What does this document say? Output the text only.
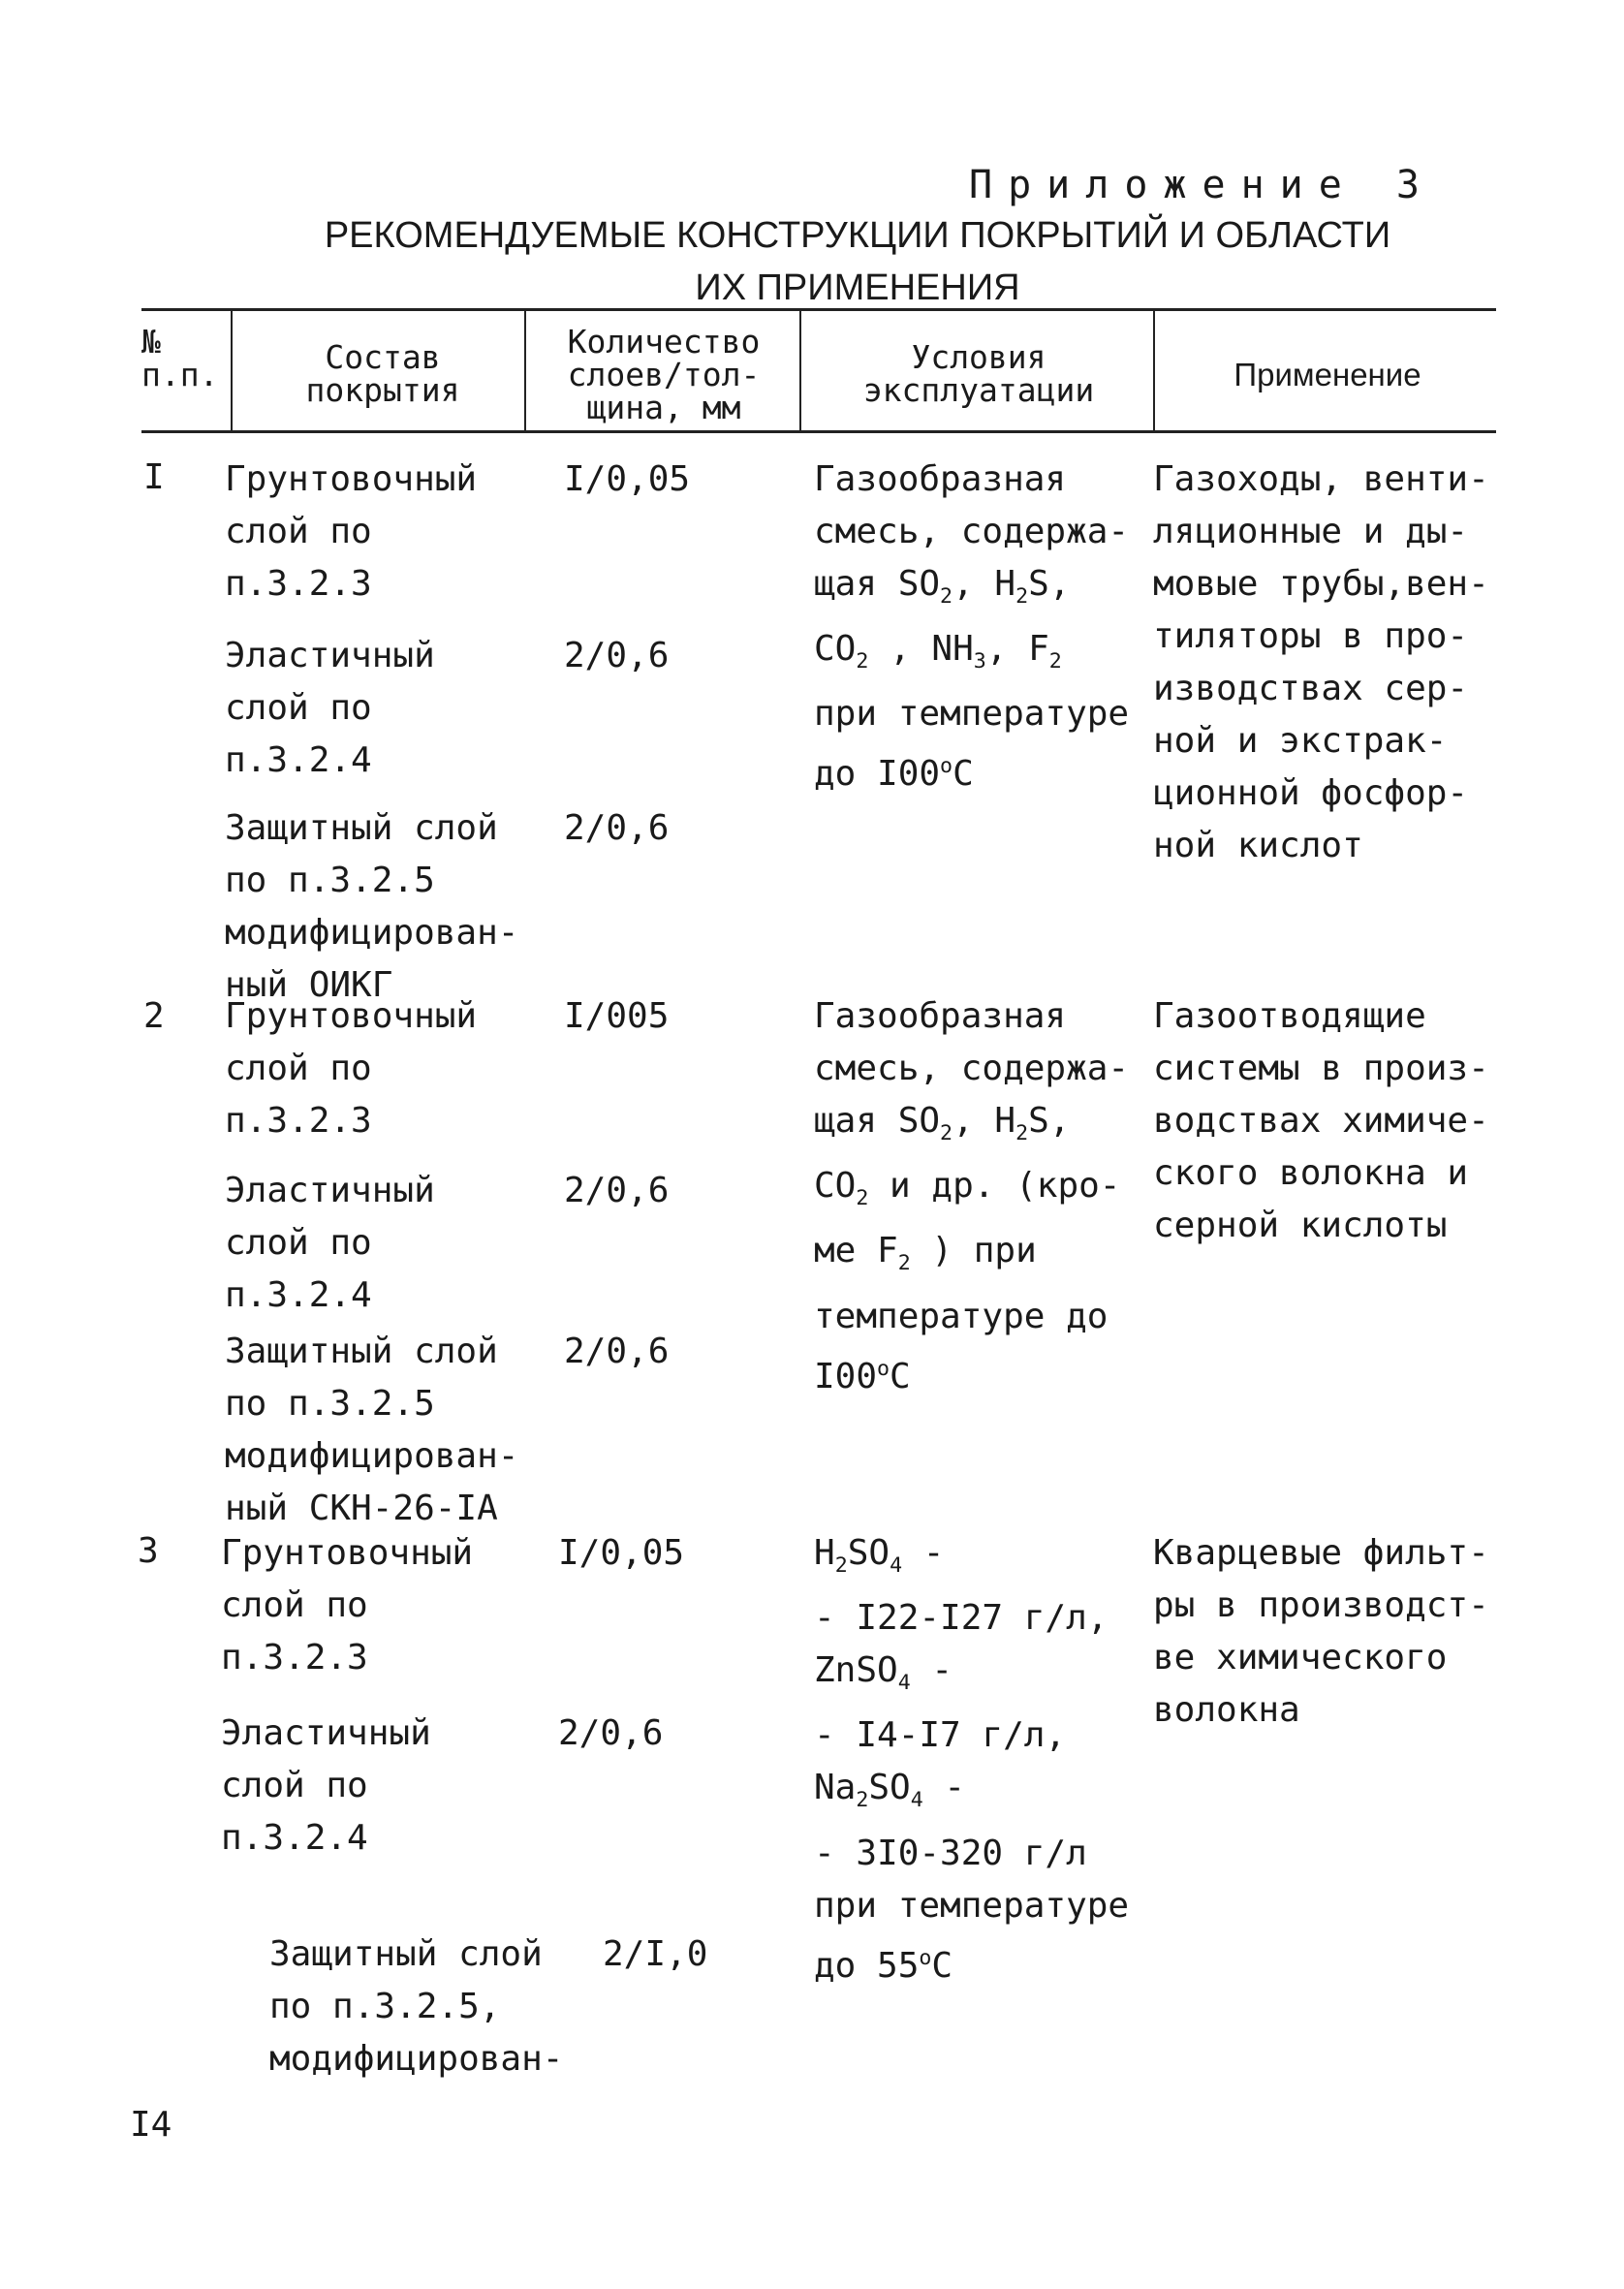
Приложение 3
РЕКОМЕНДУЕМЫЕ КОНСТРУКЦИИ ПОКРЫТИЙ И ОБЛАСТИ
ИХ ПРИМЕНЕНИЯ
№
п.п.	Состав
покрытия
Количество
слоев/тол-
щина, мм
Условия
эксплуатации	Применение
I Грунтовочный
слой по
п.3.2.3
I/0,05
Эластичный
слой по
п.3.2.4
2/0,6
Защитный слой
по п.3.2.5
модифицирован-
ный ОИКГ
2/0,6
Газообразная
смесь, содержа-
щая $SO_2$, $H_2S$,
$CO_2$ , $NH_3$, $F_2$
при температуре
до I00$^o$C
Газоходы, венти-
ляционные и ды-
мовые трубы,вен-
тиляторы в про-
изводствах сер-
ной и экстрак-
ционной фосфор-
ной кислот
2 Грунтовочный
слой по
п.3.2.3
I/005
Эластичный
слой по
п.3.2.4
2/0,6
Защитный слой
по п.3.2.5
модифицирован-
ный СКН-26-IА
2/0,6
Газообразная
смесь, содержа-
щая $SO_2$, $H_2S$,
$CO_2$ и др. (кро-
ме $F_2$ ) при
температуре до
I00$^o$C
Газоотводящие
системы в произ-
водствах химиче-
ского волокна и
серной кислоты
3 Грунтовочный
слой по
п.3.2.3
I/0,05
Эластичный
слой по
п.3.2.4
2/0,6
Защитный слой
по п.3.2.5,
модифицирован-
2/I,0
$H_2SO_4$ -
- I22-I27 г/л,
ZnSO$_4$ -
- I4-I7 г/л,
$Na_2SO_4$ -
- 3I0-320 г/л
при температуре
до 55$^o$C
Кварцевые фильт-
ры в производст-
ве химического
волокна
I4
